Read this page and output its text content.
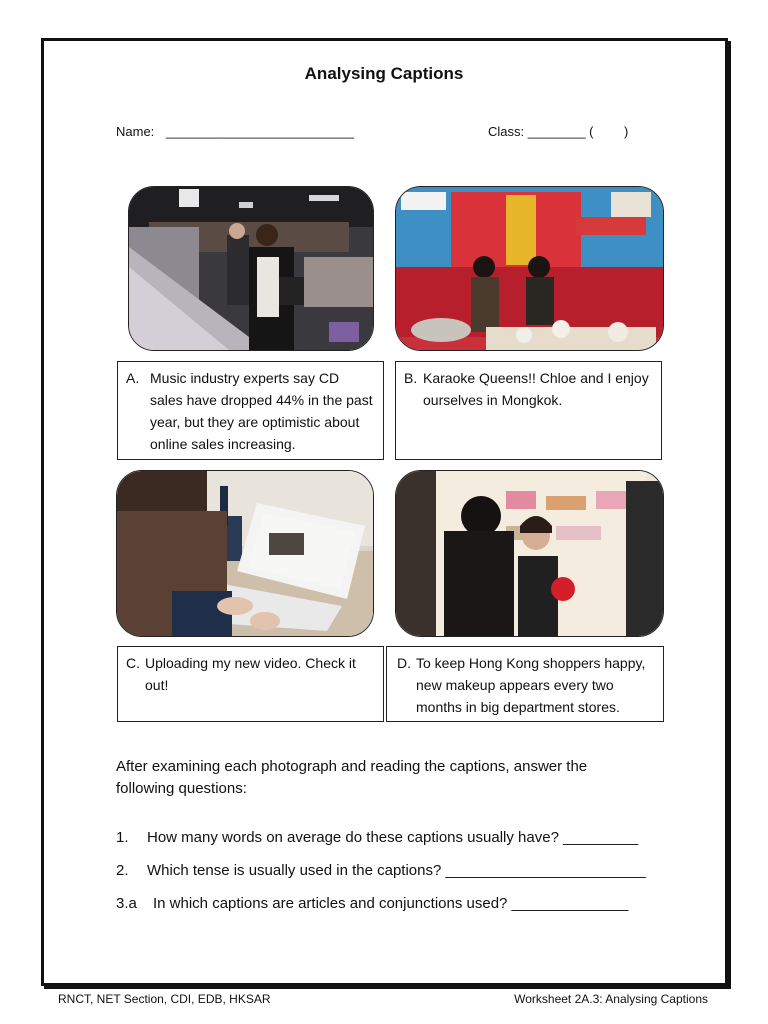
Analysing Captions
Name: __________________________	Class: ________ ( )
A. Music industry experts say CD sales have dropped 44% in the past year, but they are optimistic about online sales increasing.
B. Karaoke Queens!! Chloe and I enjoy ourselves in Mongkok.
C. Uploading my new video. Check it out!
D. To keep Hong Kong shoppers happy, new makeup appears every two months in big department stores.
After examining each photograph and reading the captions, answer the following questions:
1. How many words on average do these captions usually have? _________
2. Which tense is usually used in the captions? ________________________
3.a In which captions are articles and conjunctions used? ______________
RNCT, NET Section, CDI, EDB, HKSAR	Worksheet 2A.3: Analysing Captions
